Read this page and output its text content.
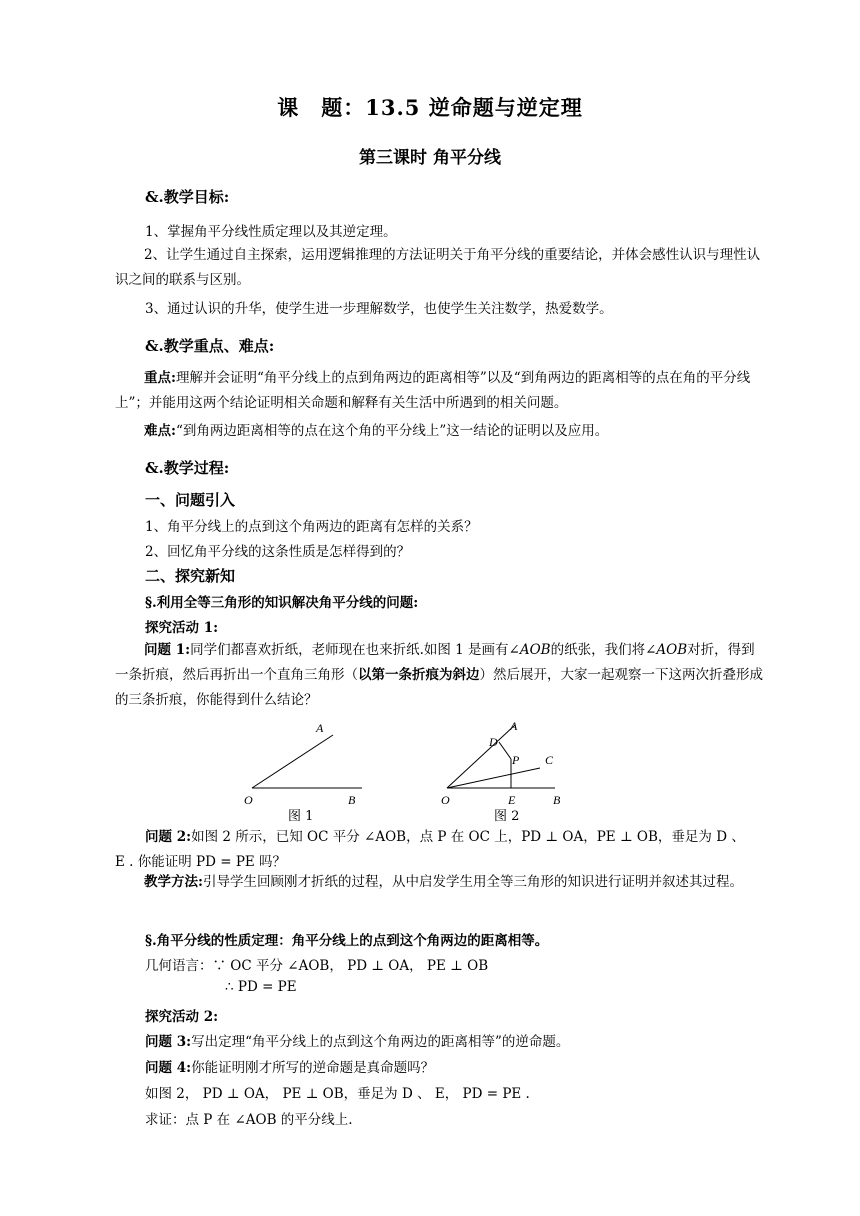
课　题：13.5 逆命题与逆定理
第三课时 角平分线
&.教学目标:
1、掌握角平分线性质定理以及其逆定理。
2、让学生通过自主探索，运用逻辑推理的方法证明关于角平分线的重要结论，并体会感性认识与理性认识之间的联系与区别。
3、通过认识的升华，使学生进一步理解数学，也使学生关注数学，热爱数学。
&.教学重点、难点:
重点:理解并会证明“角平分线上的点到角两边的距离相等”以及“到角两边的距离相等的点在角的平分线上”；并能用这两个结论证明相关命题和解释有关生活中所遇到的相关问题。
难点:“到角两边距离相等的点在这个角的平分线上”这一结论的证明以及应用。
&.教学过程:
一、问题引入
1、角平分线上的点到这个角两边的距离有怎样的关系？
2、回忆角平分线的这条性质是怎样得到的？
二、探究新知
§.利用全等三角形的知识解决角平分线的问题:
探究活动 1:
问题 1:同学们都喜欢折纸，老师现在也来折纸.如图 1 是画有∠AOB的纸张，我们将∠AOB对折，得到一条折痕，然后再折出一个直角三角形（以第一条折痕为斜边）然后展开，大家一起观察一下这两次折叠形成的三条折痕，你能得到什么结论？
A
O	B
图 1
A
D
P C
O	E	B
图 2
问题 2:如图 2 所示，已知 OC 平分 ∠AOB，点 P 在 OC 上，PD ⊥ OA，PE ⊥ OB，垂足为 D 、
E . 你能证明 PD = PE 吗？
教学方法:引导学生回顾刚才折纸的过程，从中启发学生用全等三角形的知识进行证明并叙述其过程。
§.角平分线的性质定理：角平分线上的点到这个角两边的距离相等。
几何语言：∵ OC 平分 ∠AOB， PD ⊥ OA， PE ⊥ OB
∴ PD = PE
探究活动 2:
问题 3:写出定理“角平分线上的点到这个角两边的距离相等”的逆命题。
问题 4:你能证明刚才所写的逆命题是真命题吗？
如图 2， PD ⊥ OA， PE ⊥ OB，垂足为 D 、 E， PD = PE .
求证：点 P 在 ∠AOB 的平分线上.
